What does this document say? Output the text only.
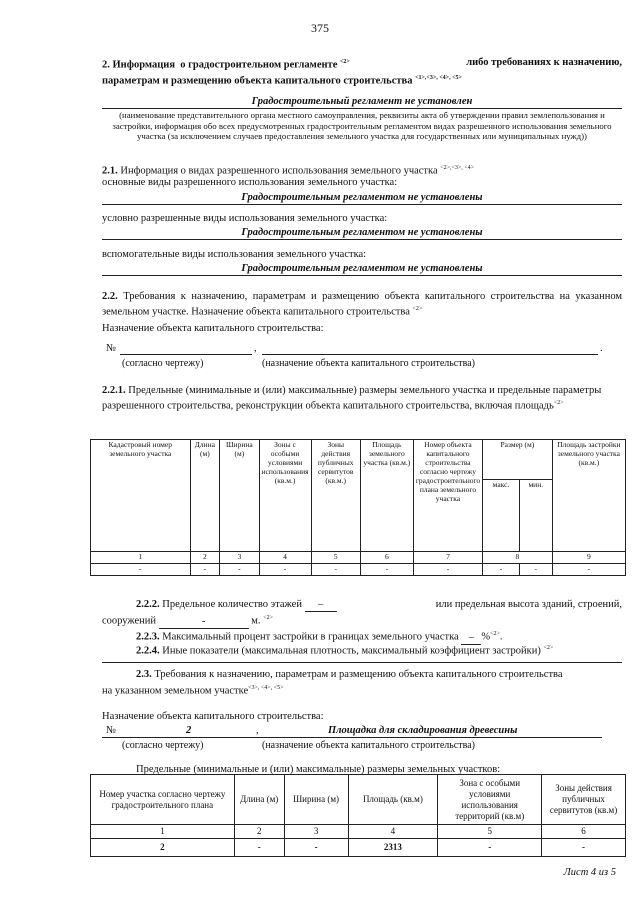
375
2. Информация о градостроительном регламенте $^{<2>}$	либо требованиях к назначению,
параметрам и размещению объекта капитального строительства $^{<1>,<3>, <4>, <5>}$
Градостроительный регламент не установлен
(наименование представительного органа местного самоуправления, реквизиты акта об утверждении правил землепользования и застройки, информация обо всех предусмотренных градостроительным регламентом видах разрешенного использования земельного участка (за исключением случаев предоставления земельного участка для государственных или муниципальных нужд))
2.1. Информация о видах разрешенного использования земельного участка $^{<2>,<3>, <4>}$
основные виды разрешенного использования земельного участка:
Градостроительным регламентом не установлены
условно разрешенные виды использования земельного участка:
Градостроительным регламентом не установлены
вспомогательные виды использования земельного участка:
Градостроительным регламентом не установлены
2.2. Требования к назначению, параметрам и размещению объекта капитального строительства на указанном земельном участке. Назначение объекта капитального строительства $^{<2>}$
Назначение объекта капитального строительства:
№	,	.
(согласно чертежу)	(назначение объекта капитального строительства)
2.2.1. Предельные (минимальные и (или) максимальные) размеры земельного участка и предельные параметры разрешенного строительства, реконструкции объекта капитального строительства, включая площадь$^{<2>}$
Кадастровый номер земельного участка	Длина (м)	Ширина (м)	Зоны с особыми условиями использования (кв.м.)	Зоны действия публичных сервитутов (кв.м.)	Площадь земельного участка (кв.м.)	Номер объекта капитального строительства согласно чертежу градостроительного плана земельного участка	Размер (м)		Площадь застройки земельного участка (кв.м.)
							макс.	мин.	
1	2	3	4	5	6	7	8		9
-	-	-	-	-	-	-	-	-	-
2.2.2. Предельное количество этажей –	или предельная высота зданий, строений,
сооружений	-	м. $^{<2>}$
2.2.3. Максимальный процент застройки в границах земельного участка – %$^{<2>}$.
2.2.4. Иные показатели (максимальная плотность, максимальный коэффициент застройки) $^{<2>}$
2.3. Требования к назначению, параметрам и размещению объекта капитального строительства
на указанном земельном участке$^{<3>, <4>, <5>}$
Назначение объекта капитального строительства:
№	2	,	Площадка для складирования древесины
(согласно чертежу)	(назначение объекта капитального строительства)
Предельные (минимальные и (или) максимальные) размеры земельных участков:
Номер участка согласно чертежу градостроительного плана	Длина (м)	Ширина (м)	Площадь (кв.м)	Зона с особыми условиями использования территорий (кв.м)	Зоны действия публичных сервитутов (кв.м)
1	2	3	4	5	6
2	-	-	2313	-	-
Лист 4 из 5
